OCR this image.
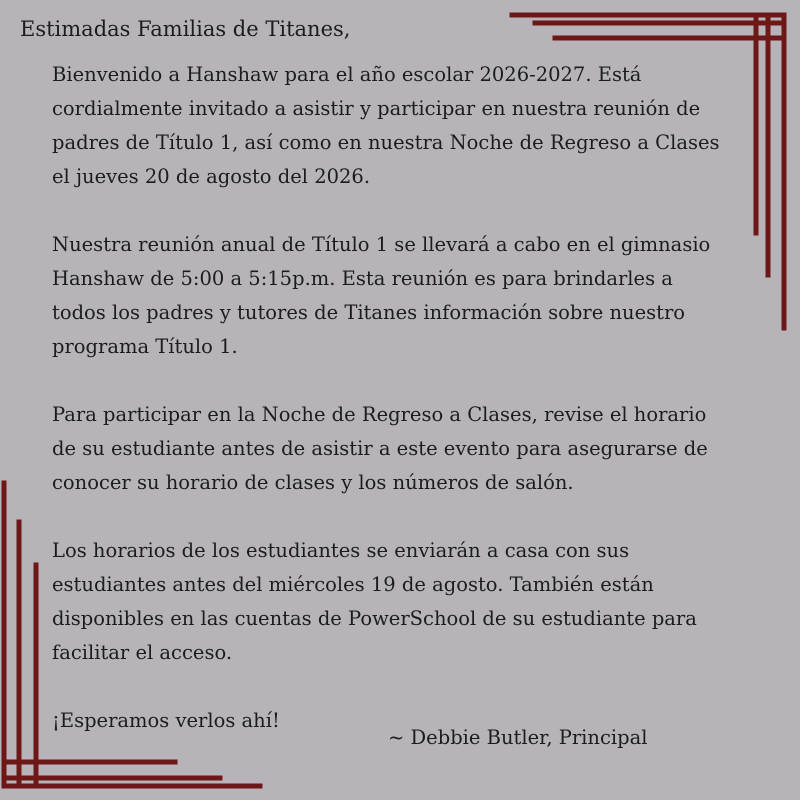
Estimadas Familias de Titanes,

Bienvenido a Hanshaw para el año escolar 2026-2027. Está cordialmente invitado a asistir y participar en nuestra reunión de padres de Título 1, así como en nuestra Noche de Regreso a Clases el jueves 20 de agosto del 2026.

Nuestra reunión anual de Título 1 se llevará a cabo en el gimnasio Hanshaw de 5:00 a 5:15p.m. Esta reunión es para brindarles a todos los padres y tutores de Titanes información sobre nuestro programa Título 1.

Para participar en la Noche de Regreso a Clases, revise el horario de su estudiante antes de asistir a este evento para asegurarse de conocer su horario de clases y los números de salón.

Los horarios de los estudiantes se enviarán a casa con sus estudiantes antes del miércoles 19 de agosto. También están disponibles en las cuentas de PowerSchool de su estudiante para facilitar el acceso.

¡Esperamos verlos ahí!

~ Debbie Butler, Principal
